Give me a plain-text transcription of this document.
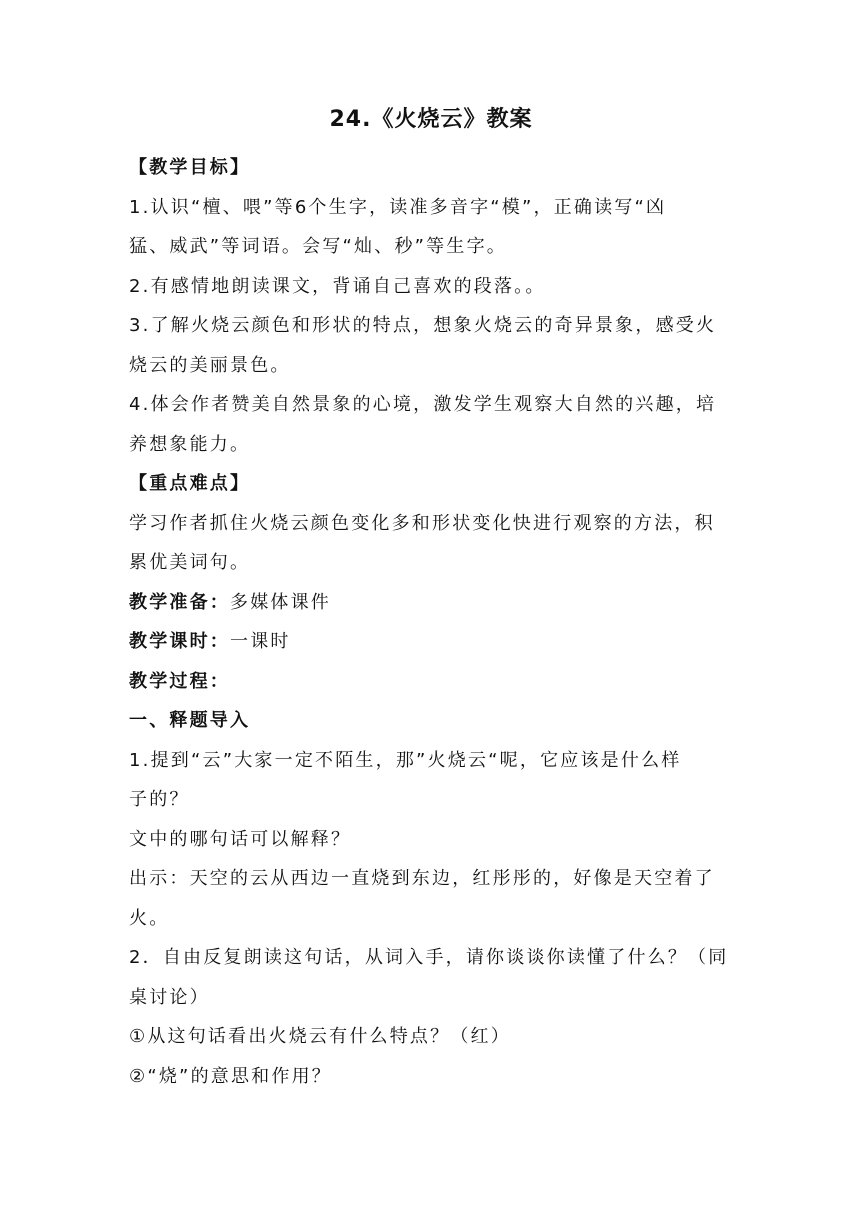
24.《火烧云》教案

【教学目标】

1.认识“檀、喂”等6个生字，读准多音字“模”，正确读写“凶

猛、威武”等词语。会写“灿、秒”等生字。

2.有感情地朗读课文，背诵自己喜欢的段落。。

3.了解火烧云颜色和形状的特点，想象火烧云的奇异景象，感受火

烧云的美丽景色。

4.体会作者赞美自然景象的心境，激发学生观察大自然的兴趣，培

养想象能力。

【重点难点】

学习作者抓住火烧云颜色变化多和形状变化快进行观察的方法，积

累优美词句。

教学准备：多媒体课件

教学课时：一课时

教学过程：

一、释题导入

1.提到“云”大家一定不陌生，那”火烧云“呢，它应该是什么样

子的？

文中的哪句话可以解释？

出示：天空的云从西边一直烧到东边，红彤彤的，好像是天空着了

火。

2．自由反复朗读这句话，从词入手，请你谈谈你读懂了什么？（同

桌讨论）

①从这句话看出火烧云有什么特点？（红）

②“烧”的意思和作用？
